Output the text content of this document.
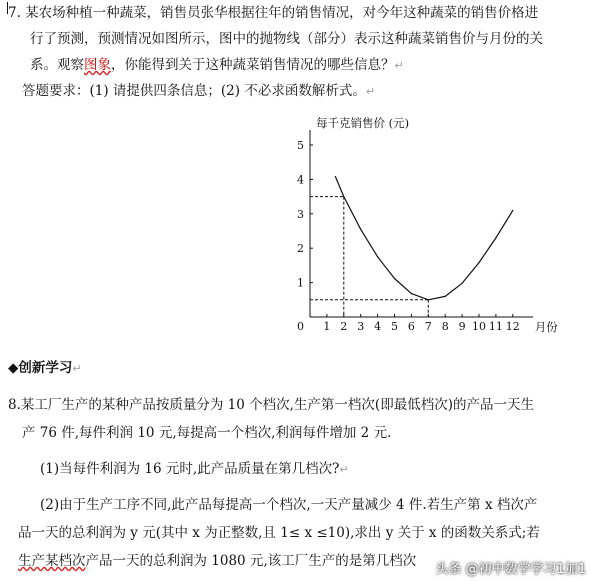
7. 某农场种植一种蔬菜，销售员张华根据往年的销售情况，对今年这种蔬菜的销售价格进
行了预测，预测情况如图所示，图中的抛物线（部分）表示这种蔬菜销售价与月份的关
系。观察图象，你能得到关于这种蔬菜销售情况的哪些信息？↵
答题要求：(1) 请提供四条信息；(2) 不必求函数解析式。↵
1 2 3 4 5 6 7 8 9 10 11 12
1
2
3
4
5
0
每千克销售价 (元)
月份
◆创新学习↵
8.某工厂生产的某种产品按质量分为 10 个档次,生产第一档次(即最低档次)的产品一天生
产 76 件,每件利润 10 元,每提高一个档次,利润每件增加 2 元.
(1)当每件利润为 16 元时,此产品质量在第几档次?↵
(2)由于生产工序不同,此产品每提高一个档次,一天产量减少 4 件.若生产第 x 档次产
品一天的总利润为 y 元(其中 x 为正整数,且 1≤ x ≤10),求出 y 关于 x 的函数关系式;若
生产某档次产品一天的总利润为 1080 元,该工厂生产的是第几档次
头条 @初中数学学习1加1
